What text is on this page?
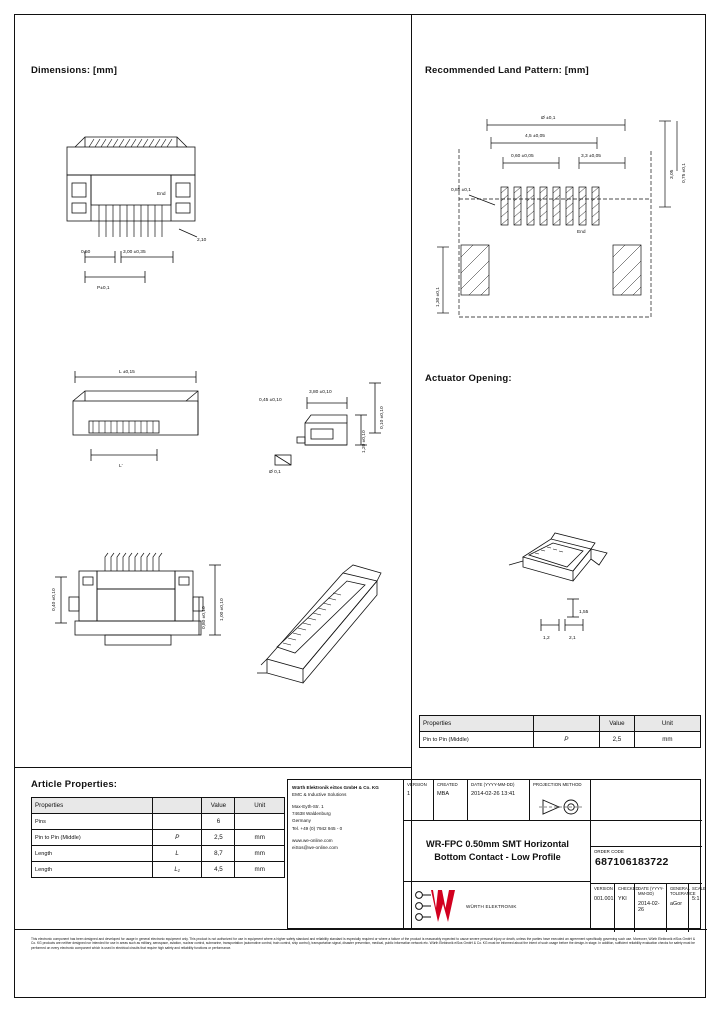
Dimensions: [mm]	Recommended Land Pattern: [mm]
Actuator Opening:
Article Properties:
0,50	3,00 ±0,35
P±0,1
End
2,10
L ±0,15
L'
0,45 ±0,10
3,80 ±0,10
1,20 ±0,10
0,10 ±0,10
Ø 0,1
0,40 ±0,10
0,80 ±0,10	1,00 ±0,10
Ø ±0,1
4,5 ±0,05
0,60 ±0,05	3,3 ±0,05
0,85 ±0,1
3,05 0,75 ±0,1
1,30 ±0,1
End
1,55
1,2	2,1
Properties		Value	Unit
Pin to Pin (Middle)	P	2,5	mm
Properties		Value	Unit
Pins		6	
Pin to Pin (Middle)	P	2,5	mm
Length	L	8,7	mm
Length	L₁	4,5	mm
Würth Elektronik eiSos GmbH & Co. KG
EMC & Inductive Solutions
Max-Eyth-Str. 1
74638 Waldenburg
Germany
Tel. +49 (0) 7942 945 - 0
www.we-online.com
eiSos@we-online.com
VERSION
1
CREATED
MBA
DATE (YYYY-MM-DD)
2014-02-26 13:41
PROJECTION METHOD
WR-FPC 0.50mm SMT Horizontal
Bottom Contact - Low Profile
WÜRTH ELEKTRONIK
ORDER CODE
687106183722
VERSION
001.001
CHECKED
YKI
DATE (YYYY-MM-DD)
2014-02-26
GENERAL TOLERANCE
aGor
SCALE
5:1
This electronic component has been designed and developed for usage in general electronic equipment only. This product is not authorized for use in equipment where a higher safety standard and reliability standard is especially required or where a failure of the product is reasonably expected to cause severe personal injury or death, unless the parties have executed an agreement specifically governing such use. Moreover, Würth Elektronik eiSos GmbH & Co. KG products are neither designed nor intended for use in areas such as military, aerospace, aviation, nuclear control, submarine, transportation (automotive control, train control, ship control), transportation signal, disaster prevention, medical, public information network etc. Würth Elektronik eiSos GmbH & Co. KG must be informed about the intent of such usage before the design-in stage. In addition, sufficient reliability evaluation checks for safety must be performed on every electronic component which is used in electrical circuits that require high safety and reliability functions or performance.
